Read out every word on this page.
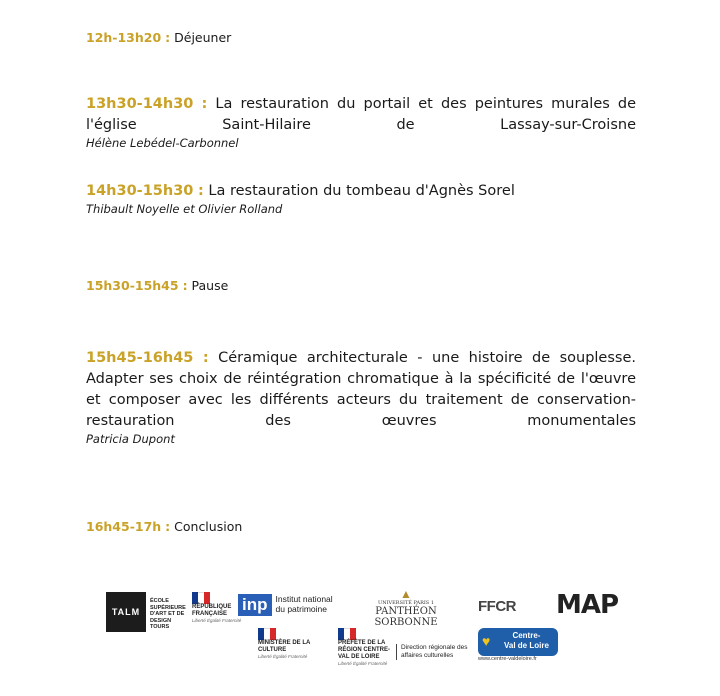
12h-13h20 : Déjeuner
13h30-14h30 : La restauration du portail et des peintures murales de
l'église Saint-Hilaire de Lassay-sur-Croisne
Hélène Lebédel-Carbonnel
14h30-15h30 : La restauration du tombeau d'Agnès Sorel
Thibault Noyelle et Olivier Rolland
15h30-15h45 : Pause
15h45-16h45 : Céramique architecturale - une histoire de souplesse.
Adapter ses choix de réintégration chromatique à la spécificité de l'œuvre
et composer avec les différents acteurs du traitement de conservation-
restauration des œuvres monumentales
Patricia Dupont
16h45-17h : Conclusion
TALM
ÉCOLE SUPÉRIEURE D'ART ET DE DESIGN TOURS
RÉPUBLIQUE FRANÇAISE
Liberté Égalité Fraternité
inp Institut national
du patrimoine
▲
UNIVERSITÉ PARIS 1
PANTHÉON SORBONNE
FFCR MAP
MINISTÈRE DE LA CULTURE
Liberté Égalité Fraternité
PRÉFÈTE DE LA RÉGION CENTRE-VAL DE LOIRE
Liberté Égalité Fraternité
Direction régionale des affaires culturelles
♥	Centre-
Val de Loire
www.centre-valdeloire.fr
